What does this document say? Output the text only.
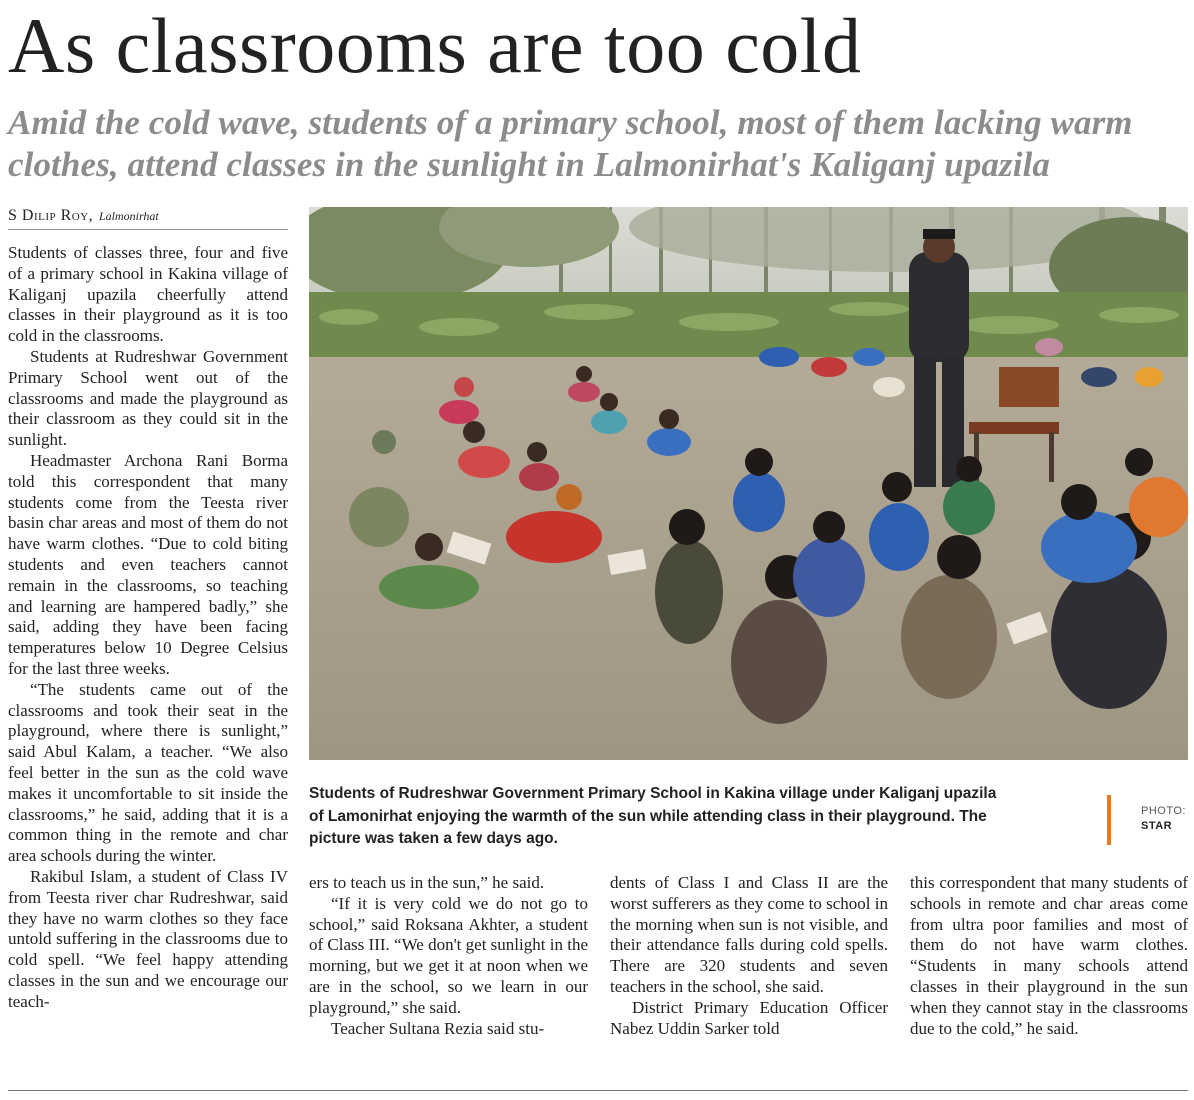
As classrooms are too cold
Amid the cold wave, students of a primary school, most of them lacking warm clothes, attend classes in the sunlight in Lalmonirhat's Kaliganj upazila
S Dilip Roy, Lalmonirhat

Students of classes three, four and five of a primary school in Kakina village of Kaliganj upazila cheerfully attend classes in their playground as it is too cold in the classrooms.

Students at Rudreshwar Government Primary School went out of the classrooms and made the playground as their classroom as they could sit in the sunlight.

Headmaster Archona Rani Borma told this correspondent that many students come from the Teesta river basin char areas and most of them do not have warm clothes. “Due to cold biting students and even teachers cannot remain in the classrooms, so teaching and learning are hampered badly,” she said, adding they have been facing temperatures below 10 Degree Celsius for the last three weeks.

“The students came out of the classrooms and took their seat in the playground, where there is sunlight,” said Abul Kalam, a teacher. “We also feel better in the sun as the cold wave makes it uncomfortable to sit inside the classrooms,” he said, adding that it is a common thing in the remote and char area schools during the winter.

Rakibul Islam, a student of Class IV from Teesta river char Rudreshwar, said they have no warm clothes so they face untold suffering in the classrooms due to cold spell. “We feel happy attending classes in the sun and we encourage our teach-

Students of Rudreshwar Government Primary School in Kakina village under Kaliganj upazila of Lamonirhat enjoying the warmth of the sun while attending class in their playground. The picture was taken a few days ago.
PHOTO:
STAR

ers to teach us in the sun,” he said.

“If it is very cold we do not go to school,” said Roksana Akhter, a student of Class III. “We don't get sunlight in the morning, but we get it at noon when we are in the school, so we learn in our playground,” she said.

Teacher Sultana Rezia said stu-

dents of Class I and Class II are the worst sufferers as they come to school in the morning when sun is not visible, and their attendance falls during cold spells. There are 320 students and seven teachers in the school, she said.

District Primary Education Officer Nabez Uddin Sarker told

this correspondent that many students of schools in remote and char areas come from ultra poor families and most of them do not have warm clothes. “Students in many schools attend classes in their playground in the sun when they cannot stay in the classrooms due to the cold,” he said.
